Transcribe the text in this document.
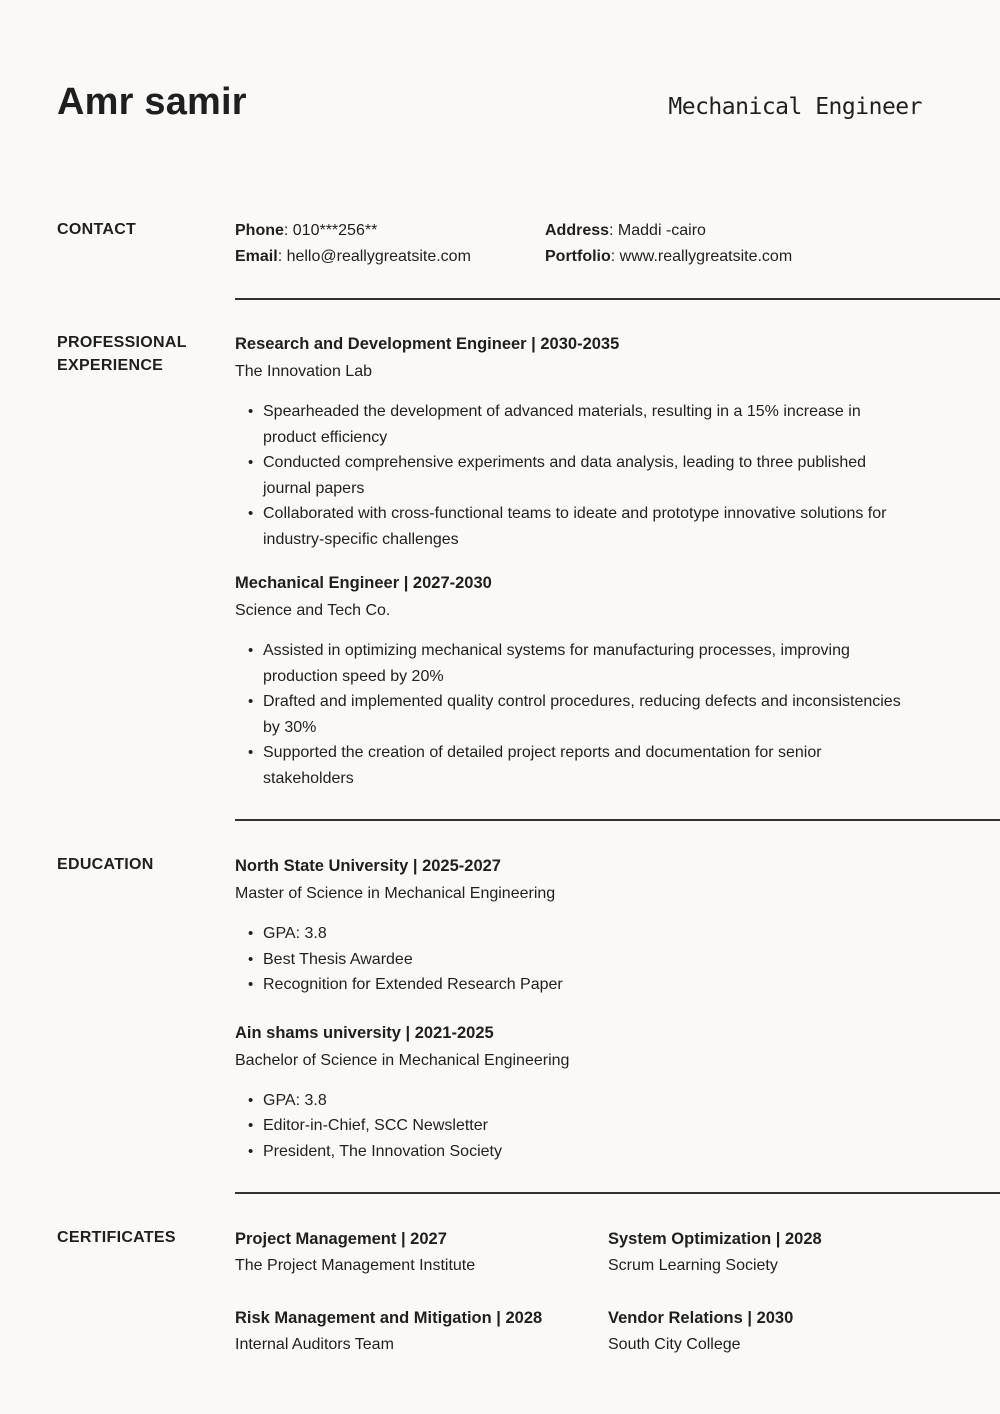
Amr samir	Mechanical Engineer
CONTACT	Phone: 010***256**	Address: Maddi -cairo
Email: hello@reallygreatsite.com	Portfolio: www.reallygreatsite.com
PROFESSIONAL EXPERIENCE
Research and Development Engineer | 2030-2035
The Innovation Lab
• Spearheaded the development of advanced materials, resulting in a 15% increase in product efficiency
• Conducted comprehensive experiments and data analysis, leading to three published journal papers
• Collaborated with cross-functional teams to ideate and prototype innovative solutions for industry-specific challenges
Mechanical Engineer | 2027-2030
Science and Tech Co.
• Assisted in optimizing mechanical systems for manufacturing processes, improving production speed by 20%
• Drafted and implemented quality control procedures, reducing defects and inconsistencies by 30%
• Supported the creation of detailed project reports and documentation for senior stakeholders
EDUCATION	North State University | 2025-2027
Master of Science in Mechanical Engineering
• GPA: 3.8
• Best Thesis Awardee
• Recognition for Extended Research Paper
Ain shams university | 2021-2025
Bachelor of Science in Mechanical Engineering
• GPA: 3.8
• Editor-in-Chief, SCC Newsletter
• President, The Innovation Society
CERTIFICATES	Project Management | 2027
The Project Management Institute
System Optimization | 2028
Scrum Learning Society
Risk Management and Mitigation | 2028
Internal Auditors Team
Vendor Relations | 2030
South City College
